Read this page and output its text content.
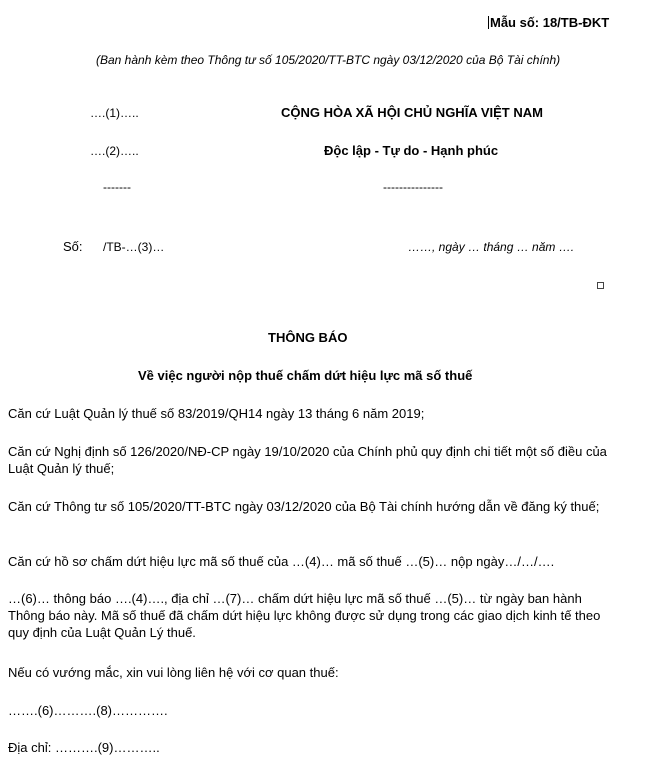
Mẫu số: 18/TB-ĐKT
(Ban hành kèm theo Thông tư số 105/2020/TT-BTC ngày 03/12/2020 của Bộ Tài chính)
….(1)…..	CỘNG HÒA XÃ HỘI CHỦ NGHĨA VIỆT NAM
….(2)…..	Độc lập - Tự do - Hạnh phúc
-------	---------------
Số: /TB-…(3)…	……, ngày … tháng … năm ….
THÔNG BÁO
Về việc người nộp thuế chấm dứt hiệu lực mã số thuế
Căn cứ Luật Quản lý thuế số 83/2019/QH14 ngày 13 tháng 6 năm 2019;
Căn cứ Nghị định số 126/2020/NĐ-CP ngày 19/10/2020 của Chính phủ quy định chi tiết một số điều của Luật Quản lý thuế;
Căn cứ Thông tư số 105/2020/TT-BTC ngày 03/12/2020 của Bộ Tài chính hướng dẫn về đăng ký thuế;
Căn cứ hồ sơ chấm dứt hiệu lực mã số thuế của …(4)… mã số thuế …(5)… nộp ngày…/…/….
…(6)… thông báo ….(4)…., địa chỉ …(7)… chấm dứt hiệu lực mã số thuế …(5)… từ ngày ban hành Thông báo này. Mã số thuế đã chấm dứt hiệu lực không được sử dụng trong các giao dịch kinh tế theo quy định của Luật Quản Lý thuế.
Nếu có vướng mắc, xin vui lòng liên hệ với cơ quan thuế:
…….(6)……….(8)………….
Địa chỉ: ……….(9)………..
